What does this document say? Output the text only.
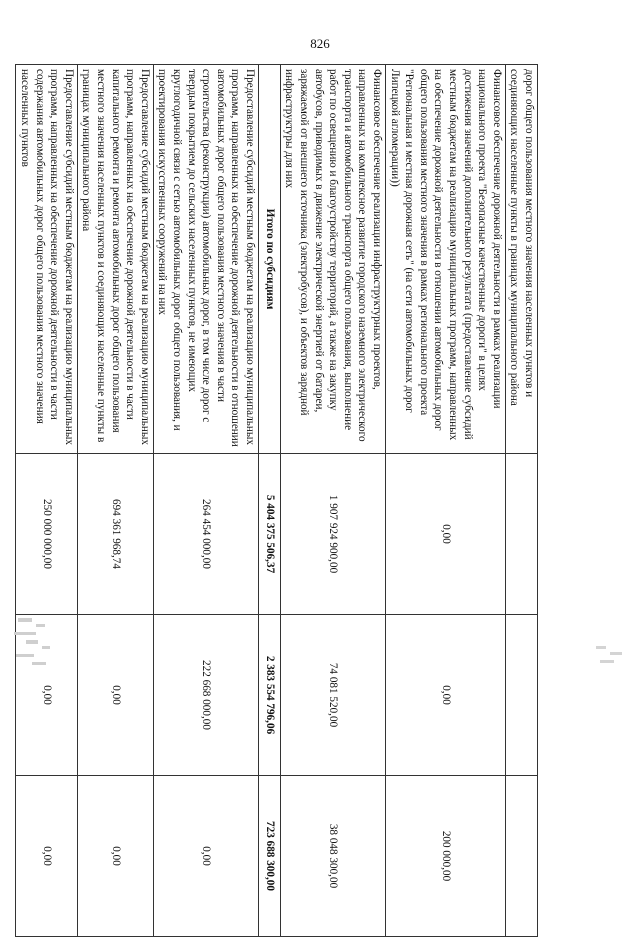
826
дорог общего пользования местного значения населенных пунктов и соединяющих населенные пункты в границах муниципального района			
Финансовое обеспечение дорожной деятельности в рамках реализации национального проекта "Безопасные качественные дороги" в целях достижения значений дополнительного результата (предоставление субсидий местным бюджетам на реализацию муниципальных программ, направленных на обеспечение дорожной деятельности в отношении автомобильных дорог общего пользования местного значения в рамках регионального проекта "Региональная и местная дорожная сеть" (на сети автомобильных дорог Липецкой агломерации))	0,00	0,00	200 000,00
Финансовое обеспечение реализации инфраструктурных проектов, направленных на комплексное развитие городского наземного электрического транспорта и автомобильного транспорта общего пользования, выполнение работ по освещению и благоустройству территорий, а также на закупку автобусов, приводимых в движение электрической энергией от батареи, заряжаемой от внешнего источника (электробусов), и объектов зарядной инфраструктуры для них	1 907 924 900,00	74 081 520,00	38 048 300,00
Итого по субсидиям	5 404 375 506,37	2 383 554 796,06	723 688 300,00
Предоставление субсидий местным бюджетам на реализацию муниципальных программ, направленных на обеспечение дорожной деятельности в отношении автомобильных дорог общего пользования местного значения в части строительства (реконструкции) автомобильных дорог, в том числе дорог с твердым покрытием до сельских населенных пунктов, не имеющих круглогодичной связи с сетью автомобильных дорог общего пользования, и проектирования искусственных сооружений на них	264 454 000,00	222 668 000,00	0,00
Предоставление субсидий местным бюджетам на реализацию муниципальных программ, направленных на обеспечение дорожной деятельности в части капитального ремонта и ремонта автомобильных дорог общего пользования местного значения населенных пунктов и соединяющих населенные пункты в границах муниципального района	694 361 968,74	0,00	0,00
Предоставление субсидий местным бюджетам на реализацию муниципальных программ, направленных на обеспечение дорожной деятельности в части содержания автомобильных дорог общего пользования местного значения населенных пунктов	250 000 000,00	0,00	0,00
